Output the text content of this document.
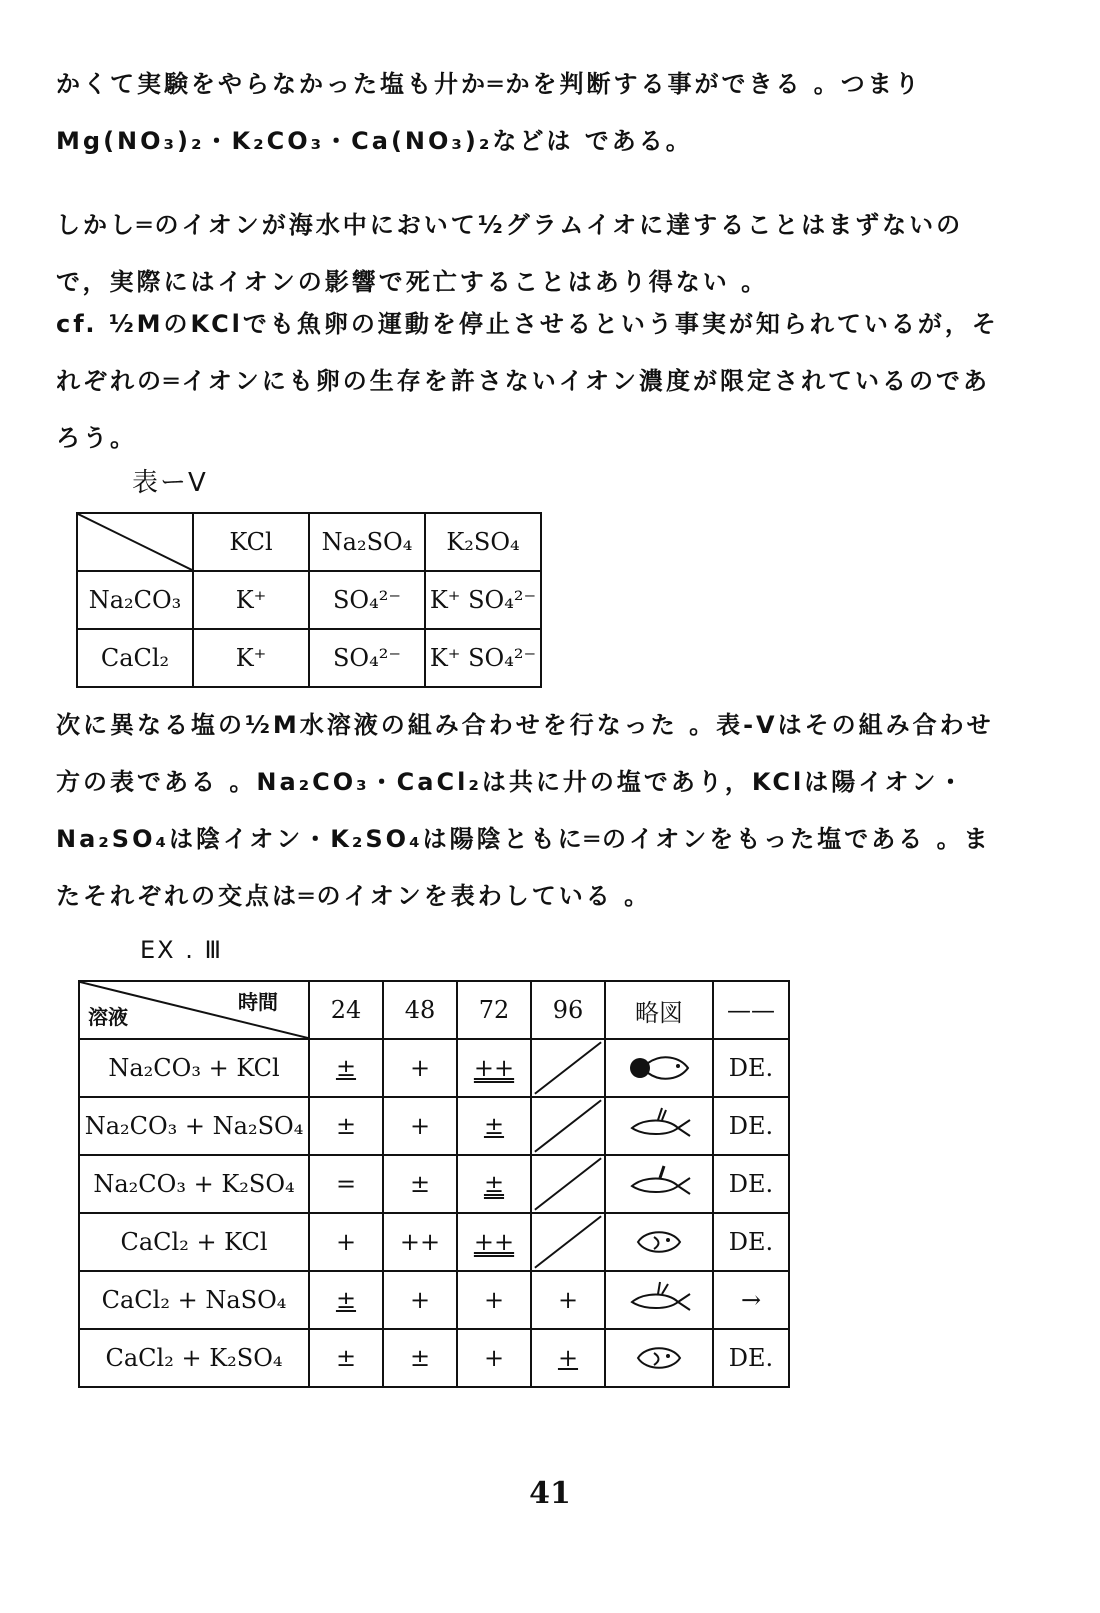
かくて実験をやらなかった塩も廾か═かを判断する事ができる 。つまりMg(NO₃)₂・K₂CO₃・Ca(NO₃)₂などは である。

しかし═のイオンが海水中において½グラムイオに達することはまずないので，実際にはイオンの影響で死亡することはあり得ない 。

cf. ½MのKClでも魚卵の運動を停止させるという事実が知られているが，それぞれの═イオンにも卵の生存を許さないイオン濃度が限定されているのであろう。

表ーV
	KCl	Na₂SO₄	K₂SO₄
Na₂CO₃	K⁺	SO₄²⁻	K⁺ SO₄²⁻
CaCl₂	K⁺	SO₄²⁻	K⁺ SO₄²⁻

次に異なる塩の½M水溶液の組み合わせを行なった 。表-Vはその組み合わせ方の表である 。Na₂CO₃・CaCl₂は共に廾の塩であり，KClは陽イオン・Na₂SO₄は陰イオン・K₂SO₄は陽陰ともに═のイオンをもった塩である 。またそれぞれの交点は═のイオンを表わしている 。

EX . Ⅲ
時間
溶液	24	48	72	96	略図	——
Na₂CO₃ + KCl	±	+	++			DE.
Na₂CO₃ + Na₂SO₄	±	+	±			DE.
Na₂CO₃ + K₂SO₄	=	±	±			DE.
CaCl₂ + KCl	+	++	++			DE.
CaCl₂ + NaSO₄	±	+	+	+		→
CaCl₂ + K₂SO₄	±	±	+	+		DE.
41
